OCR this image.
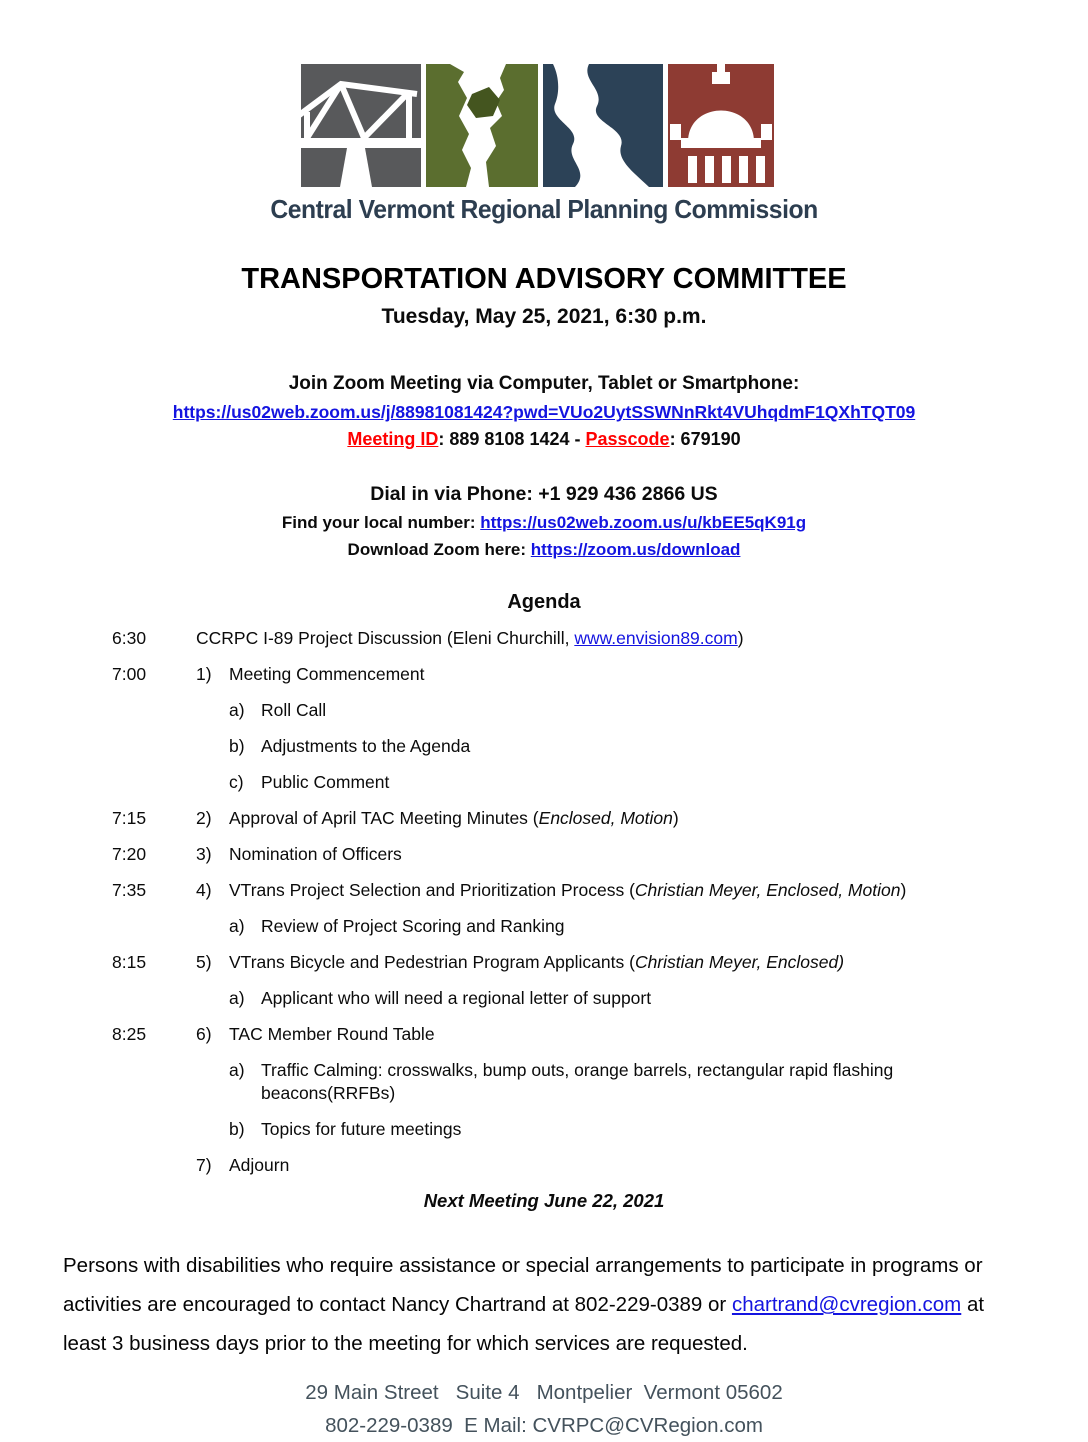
Central Vermont Regional Planning Commission
TRANSPORTATION ADVISORY COMMITTEE
Tuesday, May 25, 2021, 6:30 p.m.
Join Zoom Meeting via Computer, Tablet or Smartphone:
https://us02web.zoom.us/j/88981081424?pwd=VUo2UytSSWNnRkt4VUhqdmF1QXhTQT09
Meeting ID: 889 8108 1424 - Passcode: 679190
Dial in via Phone: +1 929 436 2866 US
Find your local number: https://us02web.zoom.us/u/kbEE5qK91g
Download Zoom here: https://zoom.us/download
Agenda
6:30	CCRPC I-89 Project Discussion (Eleni Churchill, www.envision89.com)
7:00	1) Meeting Commencement
a) Roll Call
b) Adjustments to the Agenda
c) Public Comment
7:15	2) Approval of April TAC Meeting Minutes (Enclosed, Motion)
7:20	3) Nomination of Officers
7:35	4) VTrans Project Selection and Prioritization Process (Christian Meyer, Enclosed, Motion)
a) Review of Project Scoring and Ranking
8:15	5) VTrans Bicycle and Pedestrian Program Applicants (Christian Meyer, Enclosed)
a) Applicant who will need a regional letter of support
8:25	6) TAC Member Round Table
a) Traffic Calming: crosswalks, bump outs, orange barrels, rectangular rapid flashing beacons(RRFBs)
b) Topics for future meetings
7) Adjourn
Next Meeting June 22, 2021
Persons with disabilities who require assistance or special arrangements to participate in programs or activities are encouraged to contact Nancy Chartrand at 802-229-0389 or chartrand@cvregion.com at least 3 business days prior to the meeting for which services are requested.
29 Main Street   Suite 4   Montpelier  Vermont 05602
802-229-0389  E Mail: CVRPC@CVRegion.com
